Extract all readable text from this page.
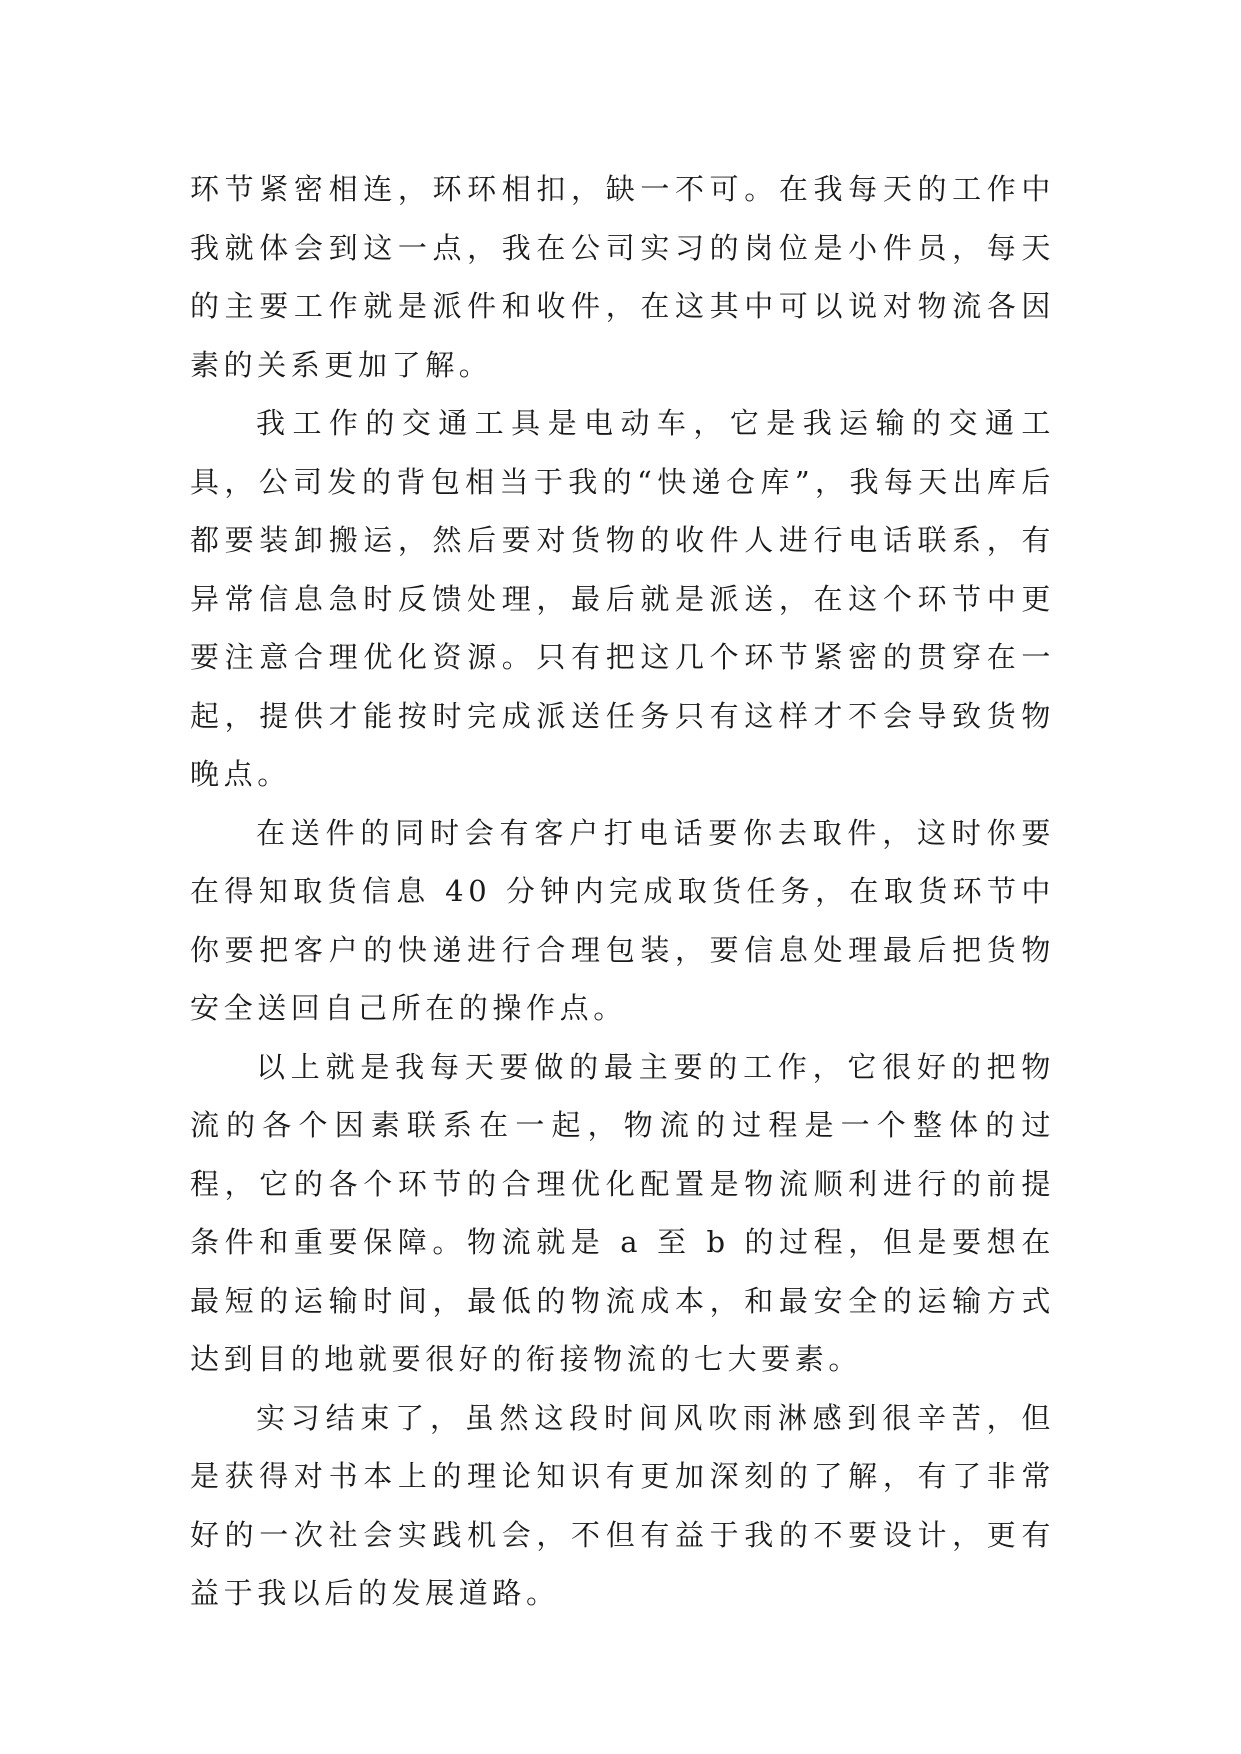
环节紧密相连，环环相扣，缺一不可。在我每天的工作中我就体会到这一点，我在公司实习的岗位是小件员，每天的主要工作就是派件和收件，在这其中可以说对物流各因素的关系更加了解。

我工作的交通工具是电动车，它是我运输的交通工具，公司发的背包相当于我的“快递仓库”，我每天出库后都要装卸搬运，然后要对货物的收件人进行电话联系，有异常信息急时反馈处理，最后就是派送，在这个环节中更要注意合理优化资源。只有把这几个环节紧密的贯穿在一起，提供才能按时完成派送任务只有这样才不会导致货物晚点。

在送件的同时会有客户打电话要你去取件，这时你要在得知取货信息 40 分钟内完成取货任务，在取货环节中你要把客户的快递进行合理包装，要信息处理最后把货物安全送回自己所在的操作点。

以上就是我每天要做的最主要的工作，它很好的把物流的各个因素联系在一起，物流的过程是一个整体的过程，它的各个环节的合理优化配置是物流顺利进行的前提条件和重要保障。物流就是 a 至 b 的过程，但是要想在最短的运输时间，最低的物流成本，和最安全的运输方式达到目的地就要很好的衔接物流的七大要素。

实习结束了，虽然这段时间风吹雨淋感到很辛苦，但是获得对书本上的理论知识有更加深刻的了解，有了非常好的一次社会实践机会，不但有益于我的不要设计，更有益于我以后的发展道路。
